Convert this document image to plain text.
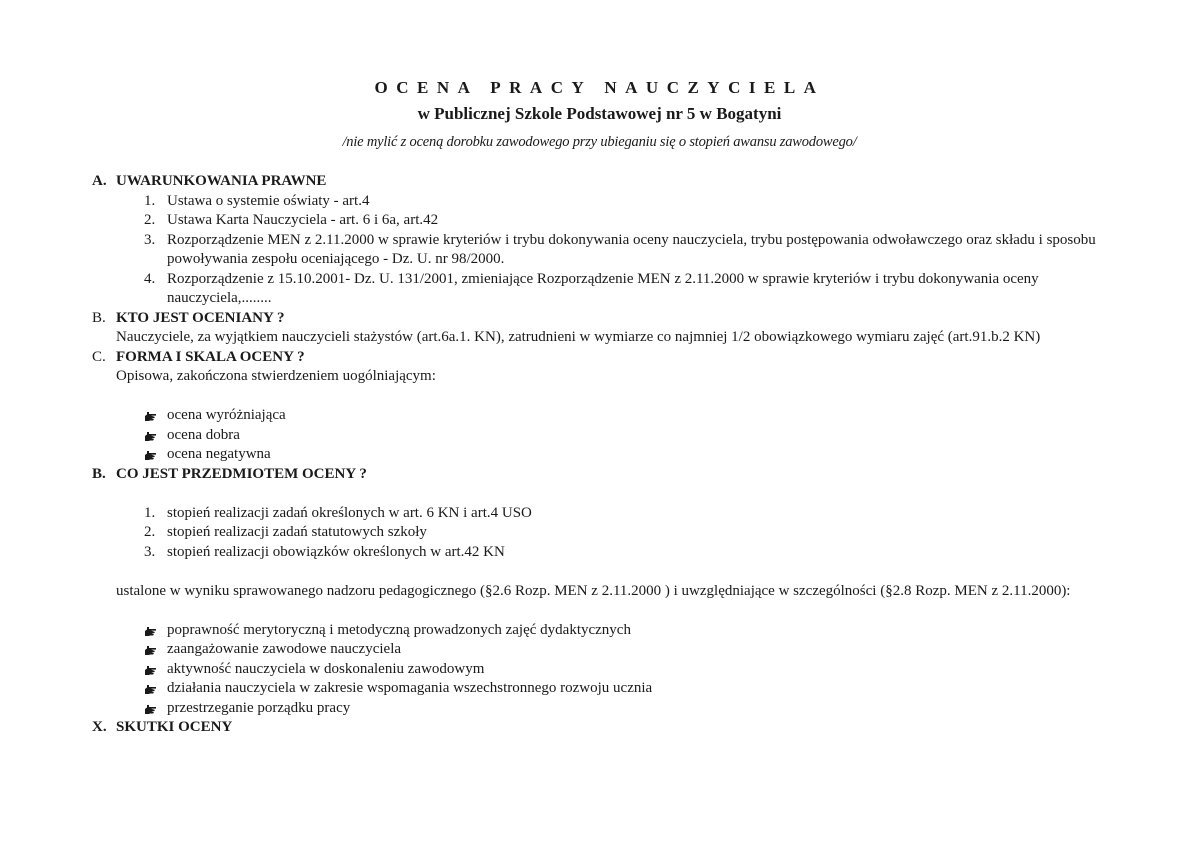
OCENA PRACY NAUCZYCIELA
w Publicznej Szkole Podstawowej nr 5 w Bogatyni
/nie mylić z oceną dorobku zawodowego przy ubieganiu się o stopień awansu zawodowego/
A. UWARUNKOWANIA PRAWNE
1. Ustawa o systemie oświaty - art.4
2. Ustawa Karta Nauczyciela - art. 6 i 6a, art.42
3. Rozporządzenie MEN z 2.11.2000 w sprawie kryteriów i trybu dokonywania oceny nauczyciela, trybu postępowania odwoławczego oraz składu i sposobu powoływania zespołu oceniającego - Dz. U. nr 98/2000.
4. Rozporządzenie z 15.10.2001- Dz. U. 131/2001, zmieniające Rozporządzenie MEN z 2.11.2000 w sprawie kryteriów i trybu dokonywania oceny nauczyciela,........
B. KTO JEST OCENIANY ?
Nauczyciele, za wyjątkiem nauczycieli stażystów (art.6a.1. KN), zatrudnieni w wymiarze co najmniej 1/2 obowiązkowego wymiaru zajęć (art.91.b.2 KN)
C. FORMA I SKALA OCENY ?
Opisowa, zakończona stwierdzeniem uogólniającym:
ocena wyróżniająca
ocena dobra
ocena negatywna
B. CO JEST PRZEDMIOTEM OCENY ?
1. stopień realizacji zadań określonych w art. 6 KN i art.4 USO
2. stopień realizacji zadań statutowych szkoły
3. stopień realizacji obowiązków określonych w art.42 KN
ustalone w wyniku sprawowanego nadzoru pedagogicznego (§2.6 Rozp. MEN z 2.11.2000 ) i uwzględniające w szczególności (§2.8 Rozp. MEN z 2.11.2000):
poprawność merytoryczną i metodyczną prowadzonych zajęć dydaktycznych
zaangażowanie zawodowe nauczyciela
aktywność nauczyciela w doskonaleniu zawodowym
działania nauczyciela w zakresie wspomagania wszechstronnego rozwoju ucznia
przestrzeganie porządku pracy
X. SKUTKI OCENY
